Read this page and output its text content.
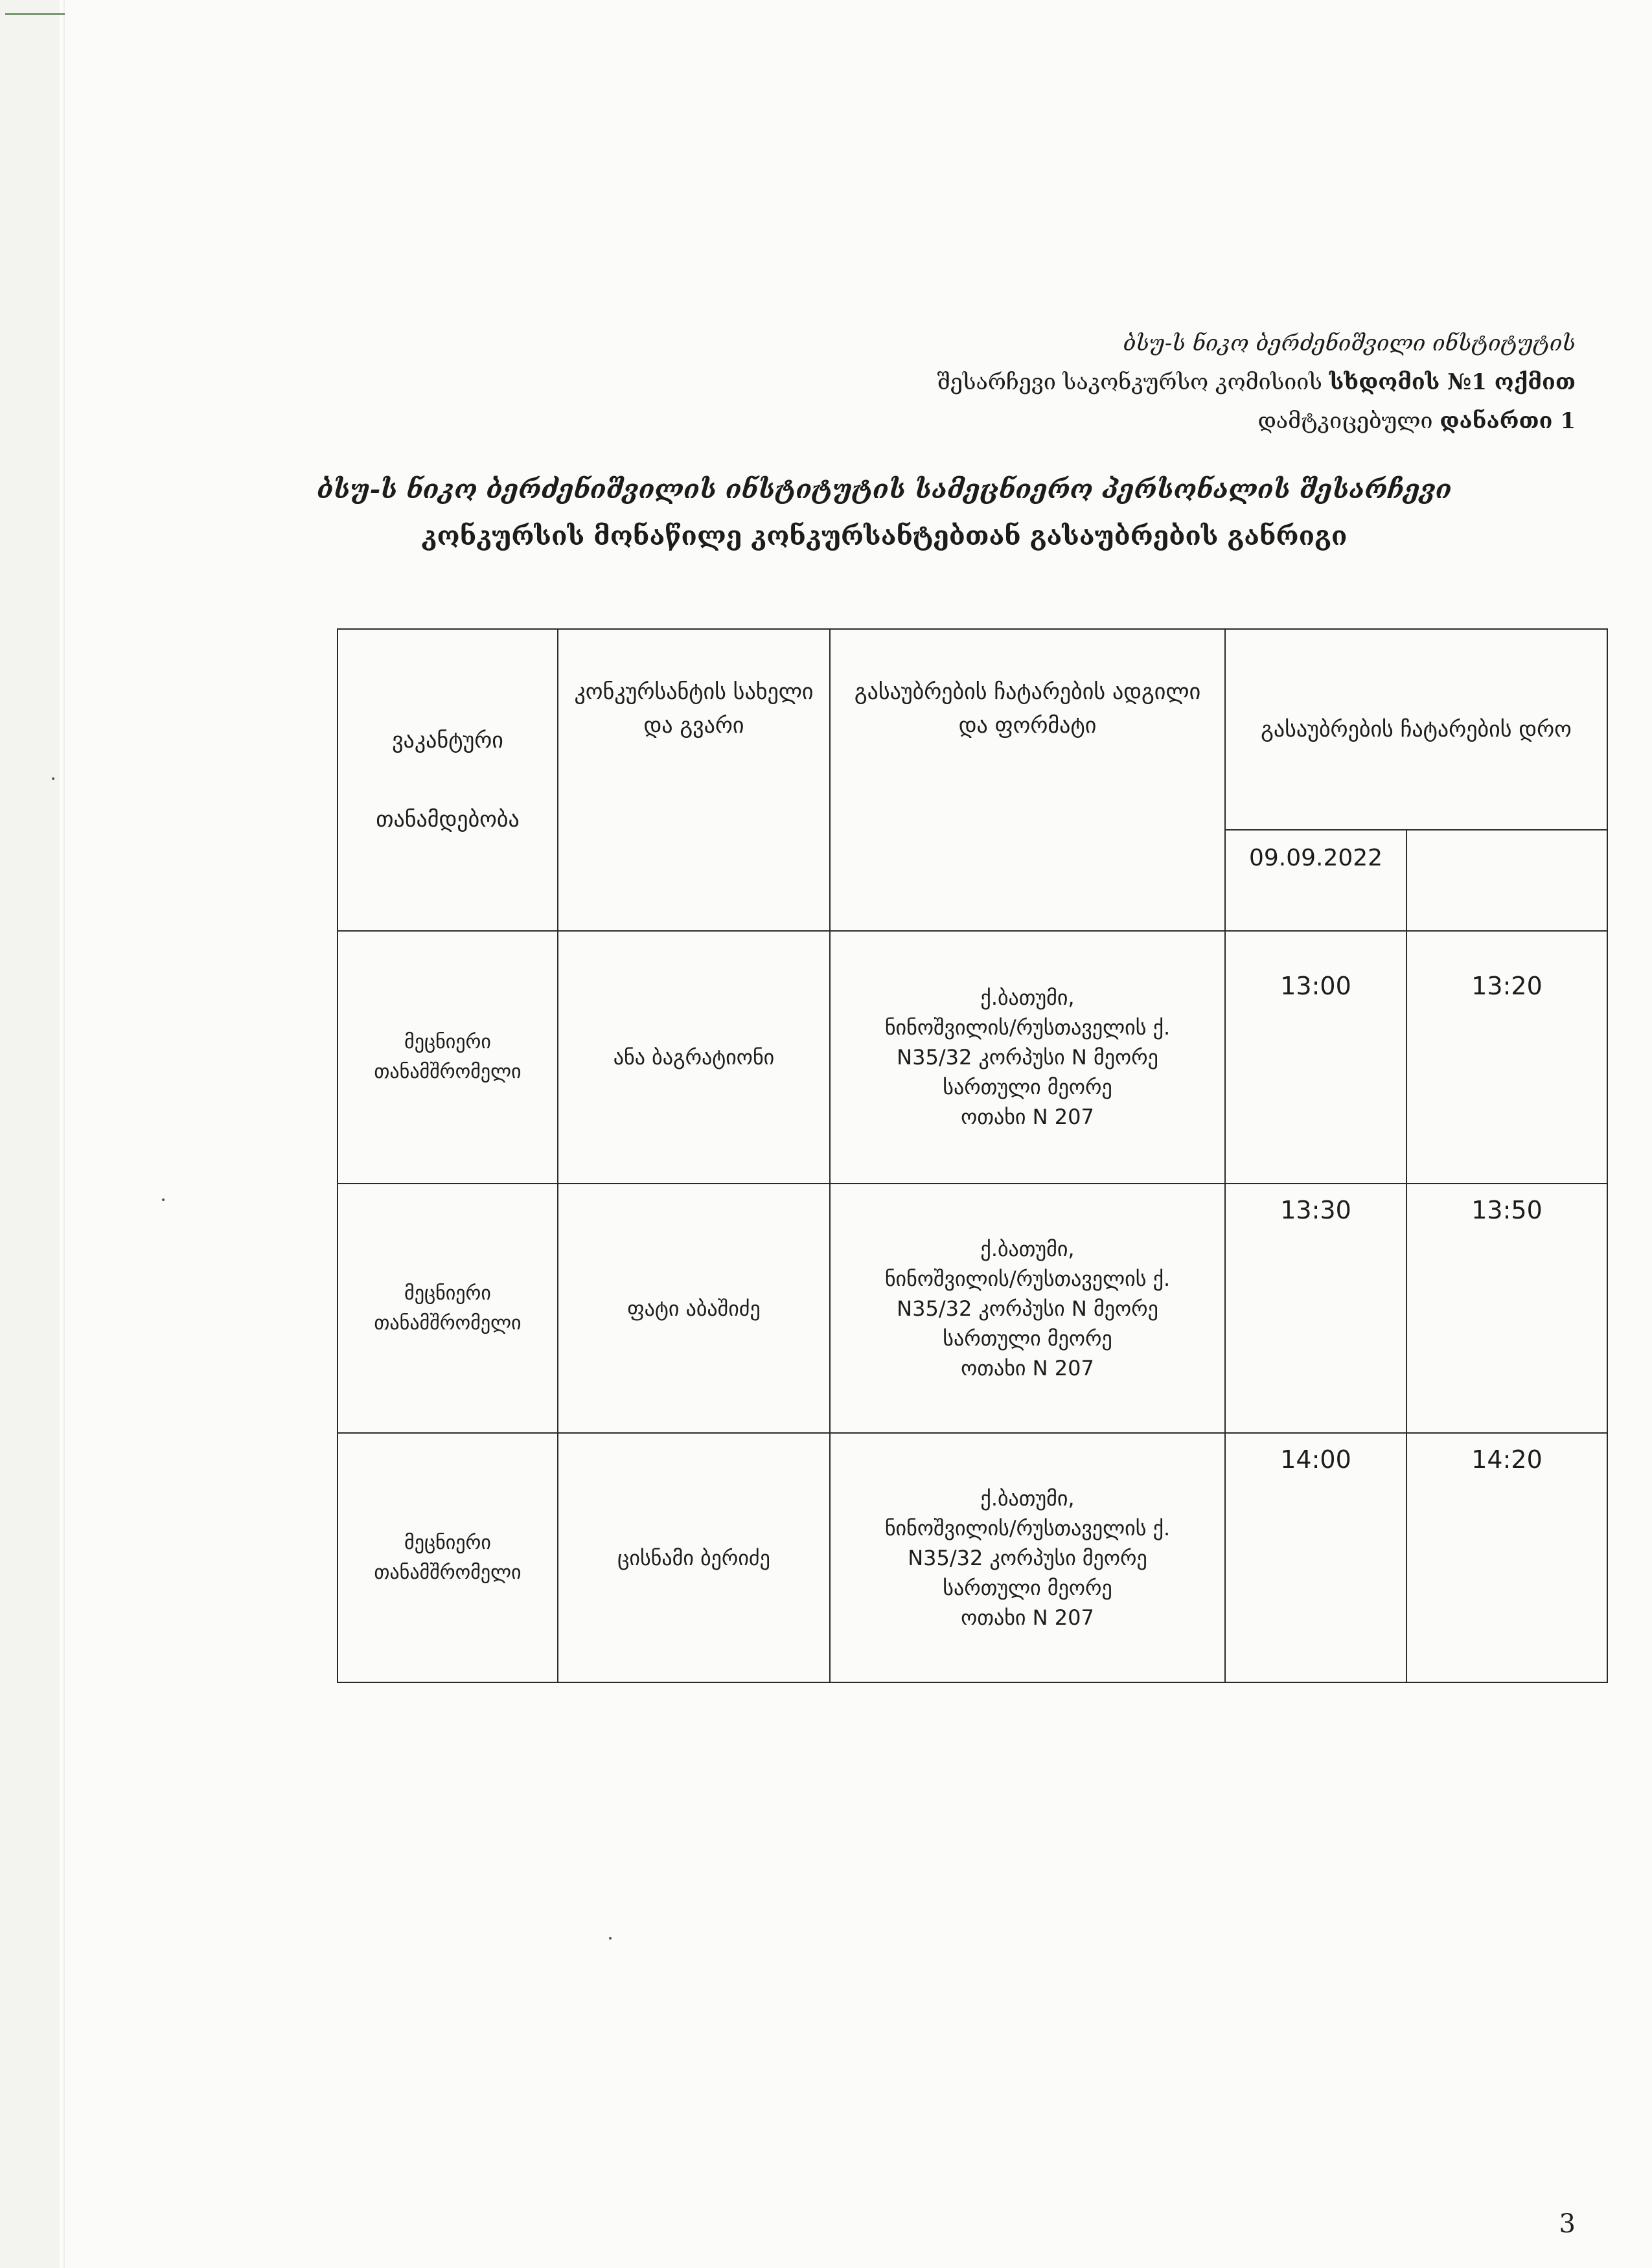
ბსუ-ს ნიკო ბერძენიშვილი ინსტიტუტის
შესარჩევი საკონკურსო კომისიის სხდომის №1 ოქმით
დამტკიცებული დანართი 1
ბსუ-ს ნიკო ბერძენიშვილის ინსტიტუტის სამეცნიერო პერსონალის შესარჩევი
კონკურსის მონაწილე კონკურსანტებთან გასაუბრების განრიგი
ვაკანტური
თანამდებობა	კონკურსანტის სახელი და გვარი	გასაუბრების ჩატარების ადგილი და ფორმატი	გასაუბრების ჩატარების დრო	
			09.09.2022	
მეცნიერი თანამშრომელი	ანა ბაგრატიონი	ქ.ბათუმი,
ნინოშვილის/რუსთაველის ქ.
N35/32 კორპუსი N მეორე
სართული მეორე
ოთახი N 207	13:00	13:20
მეცნიერი თანამშრომელი	ფატი აბაშიძე	ქ.ბათუმი,
ნინოშვილის/რუსთაველის ქ.
N35/32 კორპუსი N მეორე
სართული მეორე
ოთახი N 207	13:30	13:50
მეცნიერი თანამშრომელი	ცისნამი ბერიძე	ქ.ბათუმი,
ნინოშვილის/რუსთაველის ქ.
N35/32 კორპუსი მეორე
სართული მეორე
ოთახი N 207	14:00	14:20
3
